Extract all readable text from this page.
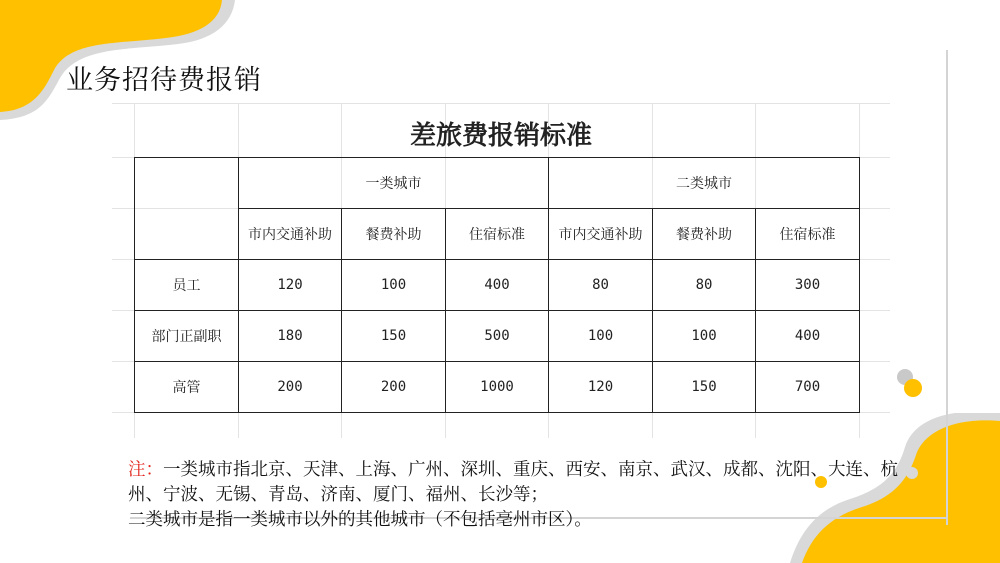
业务招待费报销
差旅费报销标准
	一类城市			二类城市		
	市内交通补助	餐费补助	住宿标准	市内交通补助	餐费补助	住宿标准
员工	120	100	400	80	80	300
部门正副职	180	150	500	100	100	400
高管	200	200	1000	120	150	700

注：一类城市指北京、天津、上海、广州、深圳、重庆、西安、南京、武汉、成都、沈阳、大连、杭州、宁波、无锡、青岛、济南、厦门、福州、长沙等；
二类城市是指一类城市以外的其他城市（不包括亳州市区）。
